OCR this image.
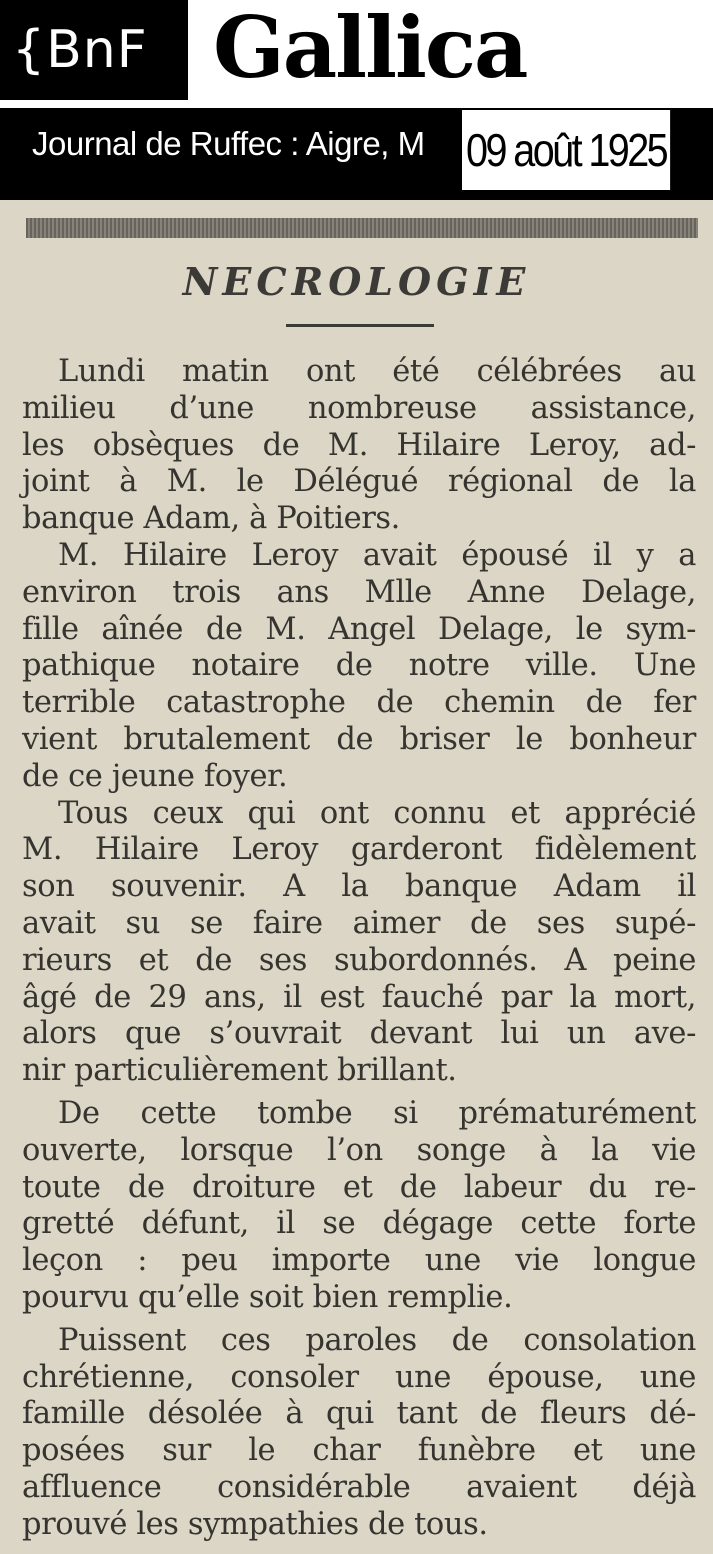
{BnF Gallica
Journal de Ruffec : Aigre, M 09 août 1925
NECROLOGIE
Lundi matin ont été célébrées au
milieu d’une nombreuse assistance,
les obsèques de M. Hilaire Leroy, ad-
joint à M. le Délégué régional de la
banque Adam, à Poitiers.
M. Hilaire Leroy avait épousé il y a
environ trois ans Mlle Anne Delage,
fille aînée de M. Angel Delage, le sym-
pathique notaire de notre ville. Une
terrible catastrophe de chemin de fer
vient brutalement de briser le bonheur
de ce jeune foyer.
Tous ceux qui ont connu et apprécié
M. Hilaire Leroy garderont fidèlement
son souvenir. A la banque Adam il
avait su se faire aimer de ses supé-
rieurs et de ses subordonnés. A peine
âgé de 29 ans, il est fauché par la mort,
alors que s’ouvrait devant lui un ave-
nir particulièrement brillant.
De cette tombe si prématurément
ouverte, lorsque l’on songe à la vie
toute de droiture et de labeur du re-
gretté défunt, il se dégage cette forte
leçon : peu importe une vie longue
pourvu qu’elle soit bien remplie.
Puissent ces paroles de consolation
chrétienne, consoler une épouse, une
famille désolée à qui tant de fleurs dé-
posées sur le char funèbre et une
affluence considérable avaient déjà
prouvé les sympathies de tous.
